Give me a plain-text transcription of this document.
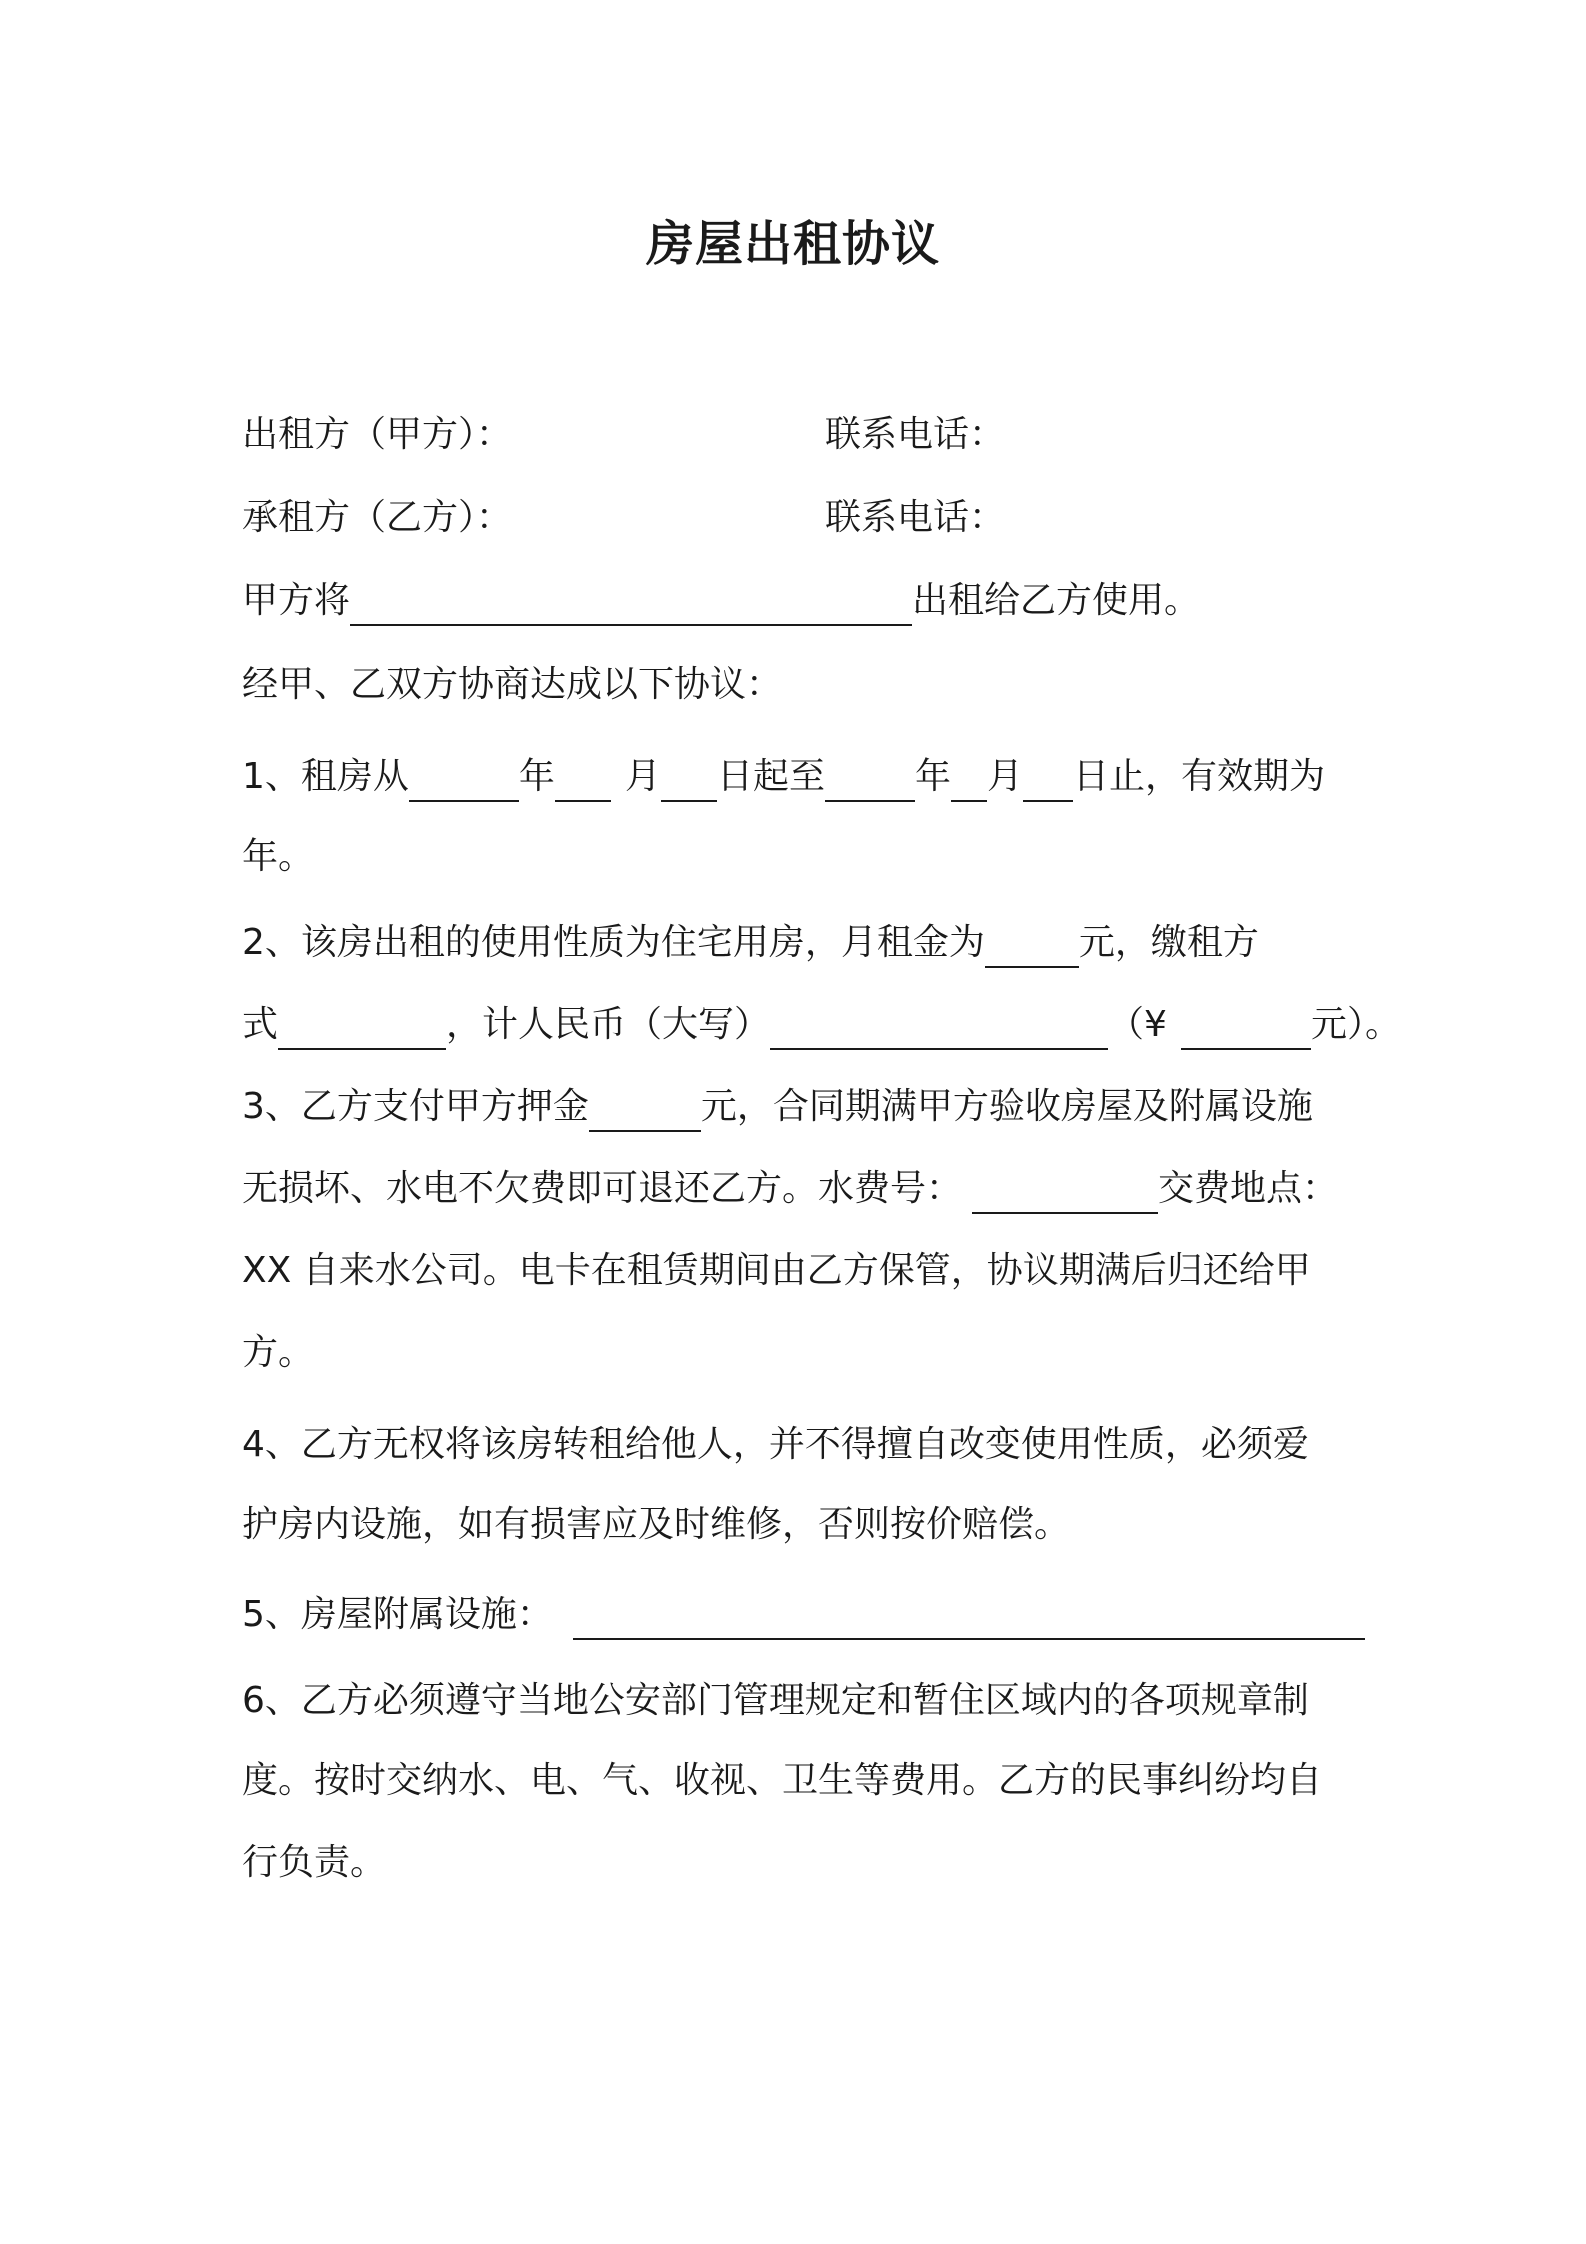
房屋出租协议
出租方（甲方）：	联系电话：
承租方（乙方）：	联系电话：
甲方将	出租给乙方使用。
经甲、乙双方协商达成以下协议：
1、租房从	年 月 日起至	年 月 日止，有效期为
年。
2、该房出租的使用性质为住宅用房，月租金为	元，缴租方
式	，计人民币（大写）	（¥	元）。
3、乙方支付甲方押金	元，合同期满甲方验收房屋及附属设施
无损坏、水电不欠费即可退还乙方。水费号：	交费地点：
XX 自来水公司。电卡在租赁期间由乙方保管，协议期满后归还给甲
方。
4、乙方无权将该房转租给他人，并不得擅自改变使用性质，必须爱
护房内设施，如有损害应及时维修，否则按价赔偿。
5、房屋附属设施：
6、乙方必须遵守当地公安部门管理规定和暂住区域内的各项规章制
度。按时交纳水、电、气、收视、卫生等费用。乙方的民事纠纷均自
行负责。
